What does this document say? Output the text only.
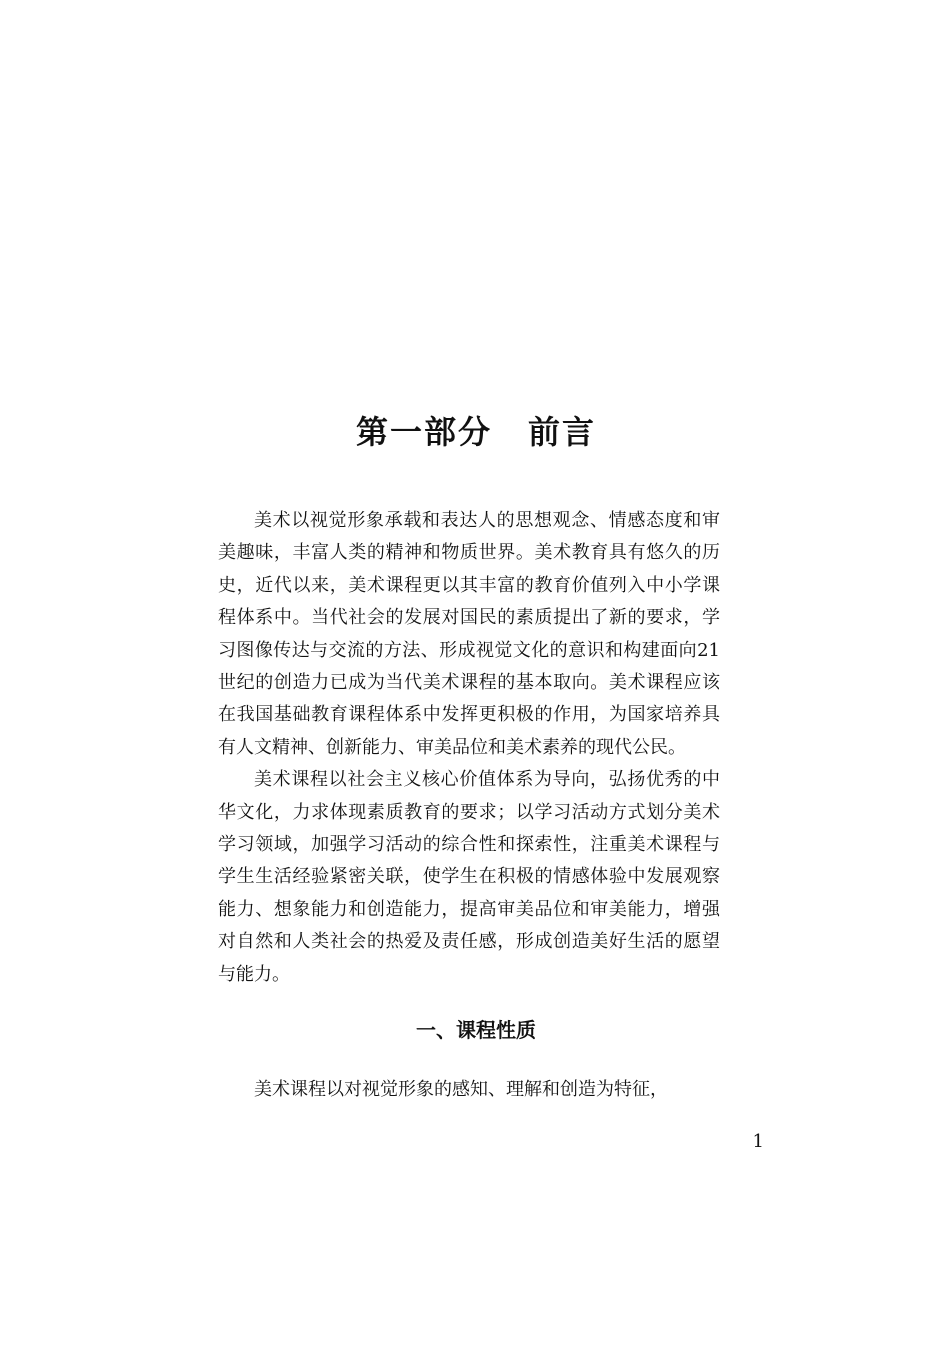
第一部分 前言

美术以视觉形象承载和表达人的思想观念、情感态度和审美趣味，丰富人类的精神和物质世界。美术教育具有悠久的历史，近代以来，美术课程更以其丰富的教育价值列入中小学课程体系中。当代社会的发展对国民的素质提出了新的要求，学习图像传达与交流的方法、形成视觉文化的意识和构建面向21世纪的创造力已成为当代美术课程的基本取向。美术课程应该在我国基础教育课程体系中发挥更积极的作用，为国家培养具有人文精神、创新能力、审美品位和美术素养的现代公民。

美术课程以社会主义核心价值体系为导向，弘扬优秀的中华文化，力求体现素质教育的要求；以学习活动方式划分美术学习领域，加强学习活动的综合性和探索性，注重美术课程与学生生活经验紧密关联，使学生在积极的情感体验中发展观察能力、想象能力和创造能力，提高审美品位和审美能力，增强对自然和人类社会的热爱及责任感，形成创造美好生活的愿望与能力。

一、课程性质

美术课程以对视觉形象的感知、理解和创造为特征，

1
